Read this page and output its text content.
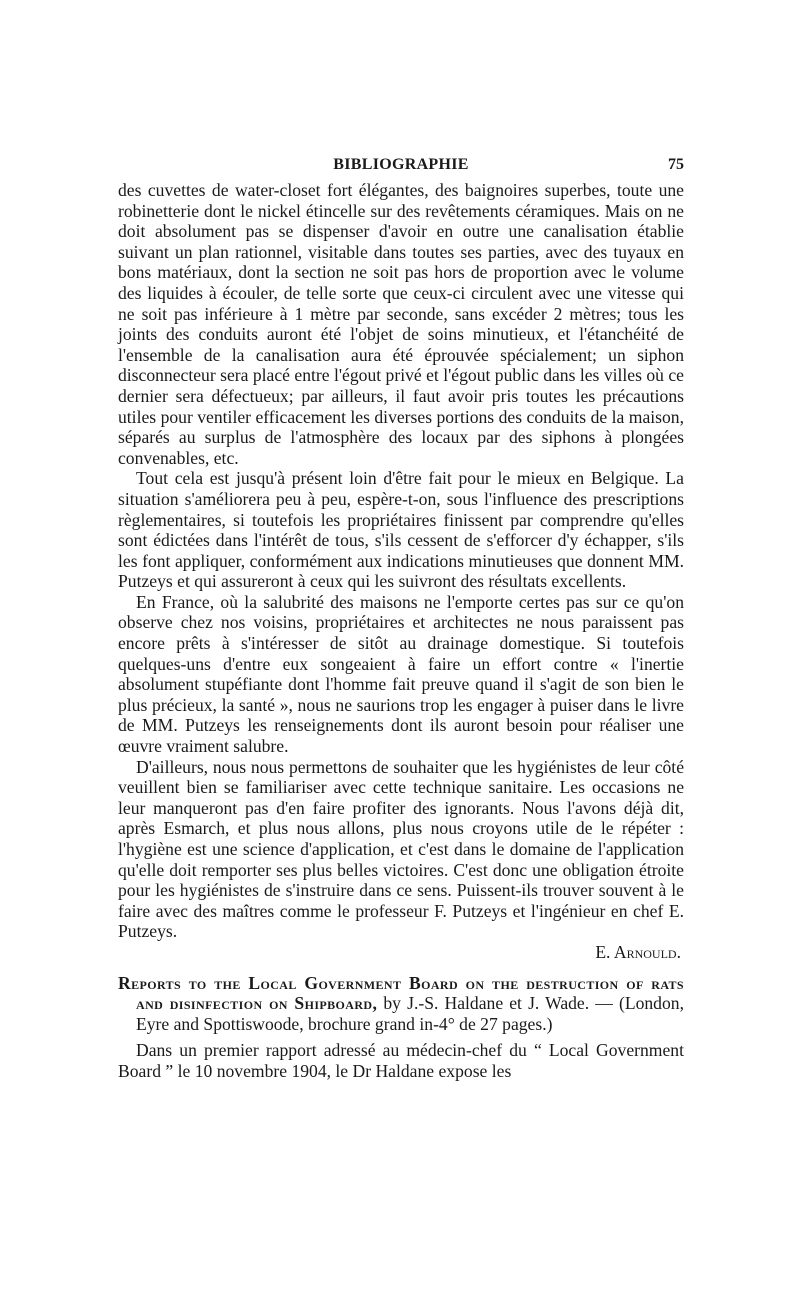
BIBLIOGRAPHIE	75

des cuvettes de water-closet fort élégantes, des baignoires superbes, toute une robinetterie dont le nickel étincelle sur des revêtements céramiques. Mais on ne doit absolument pas se dispenser d'avoir en outre une canalisation établie suivant un plan rationnel, visitable dans toutes ses parties, avec des tuyaux en bons matériaux, dont la section ne soit pas hors de proportion avec le volume des liquides à écouler, de telle sorte que ceux-ci circulent avec une vitesse qui ne soit pas inférieure à 1 mètre par seconde, sans excéder 2 mètres; tous les joints des conduits auront été l'objet de soins minutieux, et l'étanchéité de l'ensemble de la canalisation aura été éprouvée spécialement; un siphon disconnecteur sera placé entre l'égout privé et l'égout public dans les villes où ce dernier sera défectueux; par ailleurs, il faut avoir pris toutes les précautions utiles pour ventiler efficacement les diverses portions des conduits de la maison, séparés au surplus de l'atmosphère des locaux par des siphons à plongées convenables, etc.

Tout cela est jusqu'à présent loin d'être fait pour le mieux en Belgique. La situation s'améliorera peu à peu, espère-t-on, sous l'influence des prescriptions règlementaires, si toutefois les propriétaires finissent par comprendre qu'elles sont édictées dans l'intérêt de tous, s'ils cessent de s'efforcer d'y échapper, s'ils les font appliquer, conformément aux indications minutieuses que donnent MM. Putzeys et qui assureront à ceux qui les suivront des résultats excellents.

En France, où la salubrité des maisons ne l'emporte certes pas sur ce qu'on observe chez nos voisins, propriétaires et architectes ne nous paraissent pas encore prêts à s'intéresser de sitôt au drainage domestique. Si toutefois quelques-uns d'entre eux songeaient à faire un effort contre « l'inertie absolument stupéfiante dont l'homme fait preuve quand il s'agit de son bien le plus précieux, la santé », nous ne saurions trop les engager à puiser dans le livre de MM. Putzeys les renseignements dont ils auront besoin pour réaliser une œuvre vraiment salubre.

D'ailleurs, nous nous permettons de souhaiter que les hygiénistes de leur côté veuillent bien se familiariser avec cette technique sanitaire. Les occasions ne leur manqueront pas d'en faire profiter des ignorants. Nous l'avons déjà dit, après Esmarch, et plus nous allons, plus nous croyons utile de le répéter : l'hygiène est une science d'application, et c'est dans le domaine de l'application qu'elle doit remporter ses plus belles victoires. C'est donc une obligation étroite pour les hygiénistes de s'instruire dans ce sens. Puissent-ils trouver souvent à le faire avec des maîtres comme le professeur F. Putzeys et l'ingénieur en chef E. Putzeys.

E. Arnould.

Reports to the Local Government Board on the destruction of rats and disinfection on Shipboard, by J.-S. Haldane et J. Wade. — (London, Eyre and Spottiswoode, brochure grand in-4° de 27 pages.)

Dans un premier rapport adressé au médecin-chef du “ Local Government Board ” le 10 novembre 1904, le Dr Haldane expose les
